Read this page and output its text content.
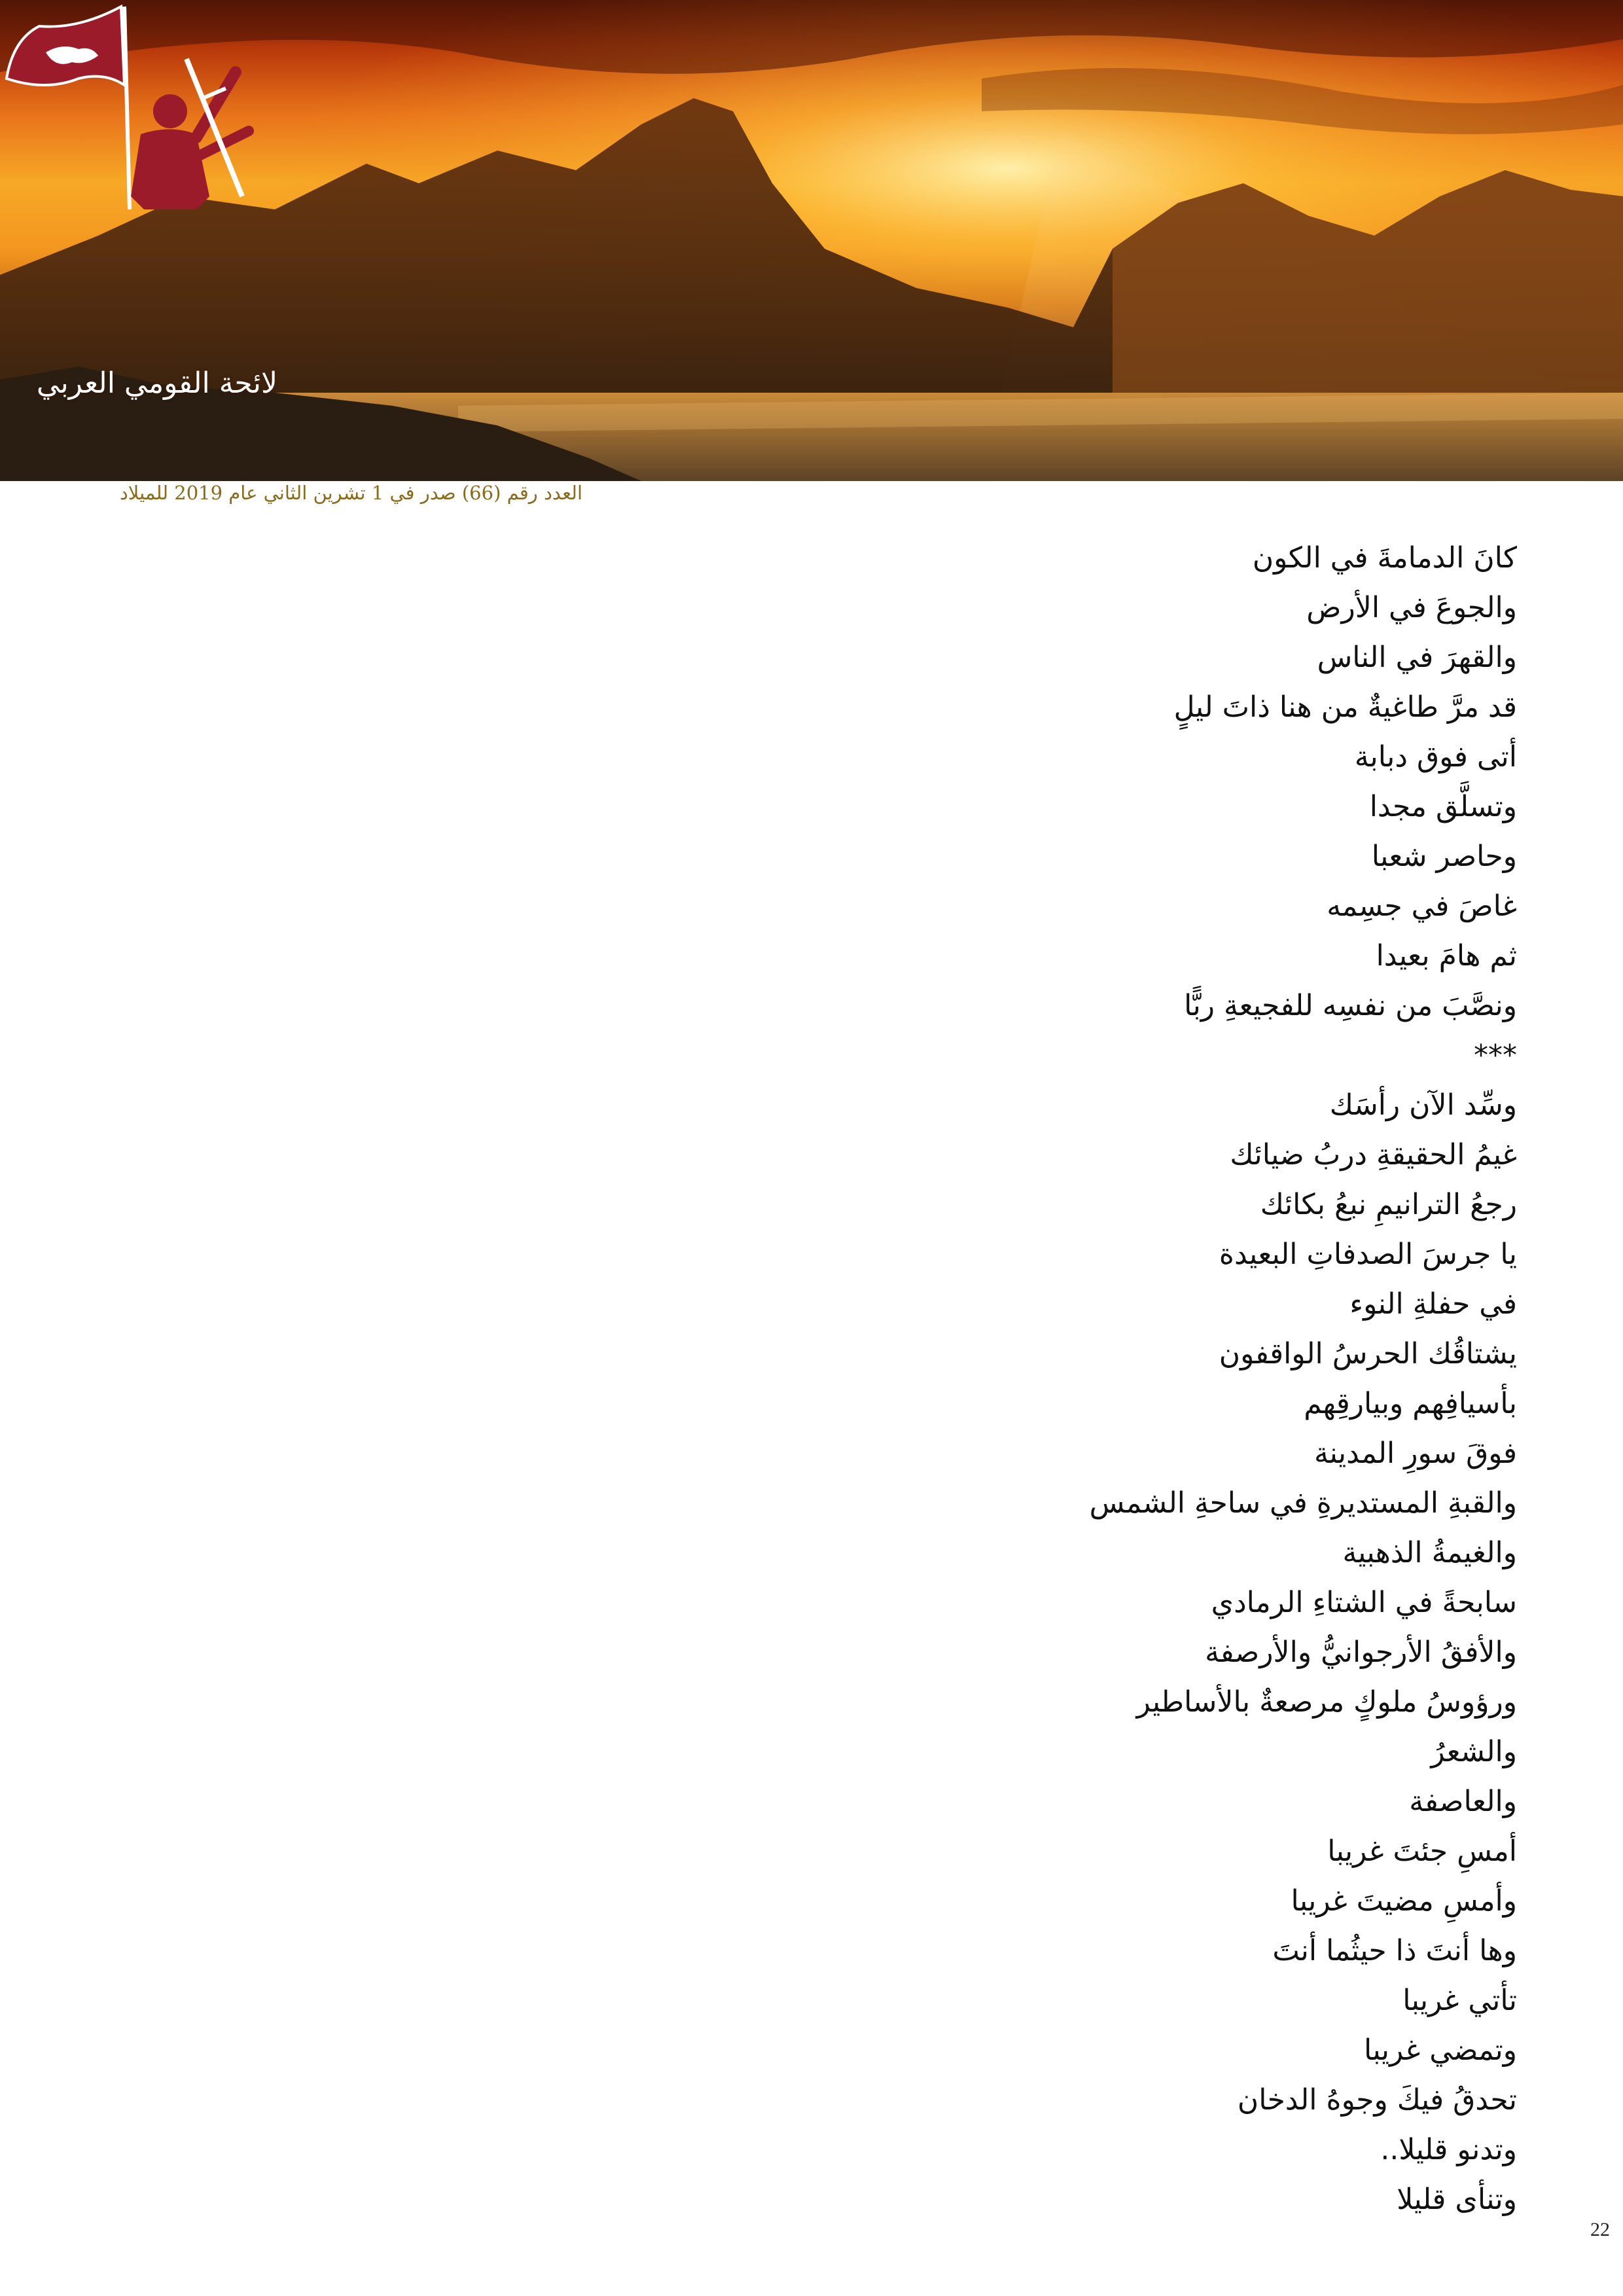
لائحة القومي العربي
العدد رقم (66) صدر في 1 تشرين الثاني عام 2019 للميلاد
كانَ الدمامةَ في الكون
والجوعَ في الأرض
والقهرَ في الناس
قد مرَّ طاغيةٌ من هنا ذاتَ ليلٍ
أتى فوق دبابة
وتسلَّق مجدا
وحاصر شعبا
غاصَ في جسِمه
ثم هامَ بعيدا
ونصَّبَ من نفسِه للفجيعةِ ربًّا
***
وسِّد الآن رأسَك
غيمُ الحقيقةِ دربُ ضيائك
رجعُ الترانيمِ نبعُ بكائك
يا جرسَ الصدفاتِ البعيدة
في حفلةِ النوء
يشتاقُك الحرسُ الواقفون
بأسيافِهم وبيارقِهم
فوقَ سورِ المدينة
والقبةِ المستديرةِ في ساحةِ الشمس
والغيمةُ الذهبية
سابحةً في الشتاءِ الرمادي
والأفقُ الأرجوانيُّ والأرصفة
ورؤوسُ ملوكٍ مرصعةٌ بالأساطير
والشعرُ
والعاصفة
أمسِ جئتَ غريبا
وأمسِ مضيتَ غريبا
وها أنتَ ذا حيثُما أنتَ
تأتي غريبا
وتمضي غريبا
تحدقُ فيكَ وجوهُ الدخان
وتدنو قليلا..
وتنأى قليلا
22
